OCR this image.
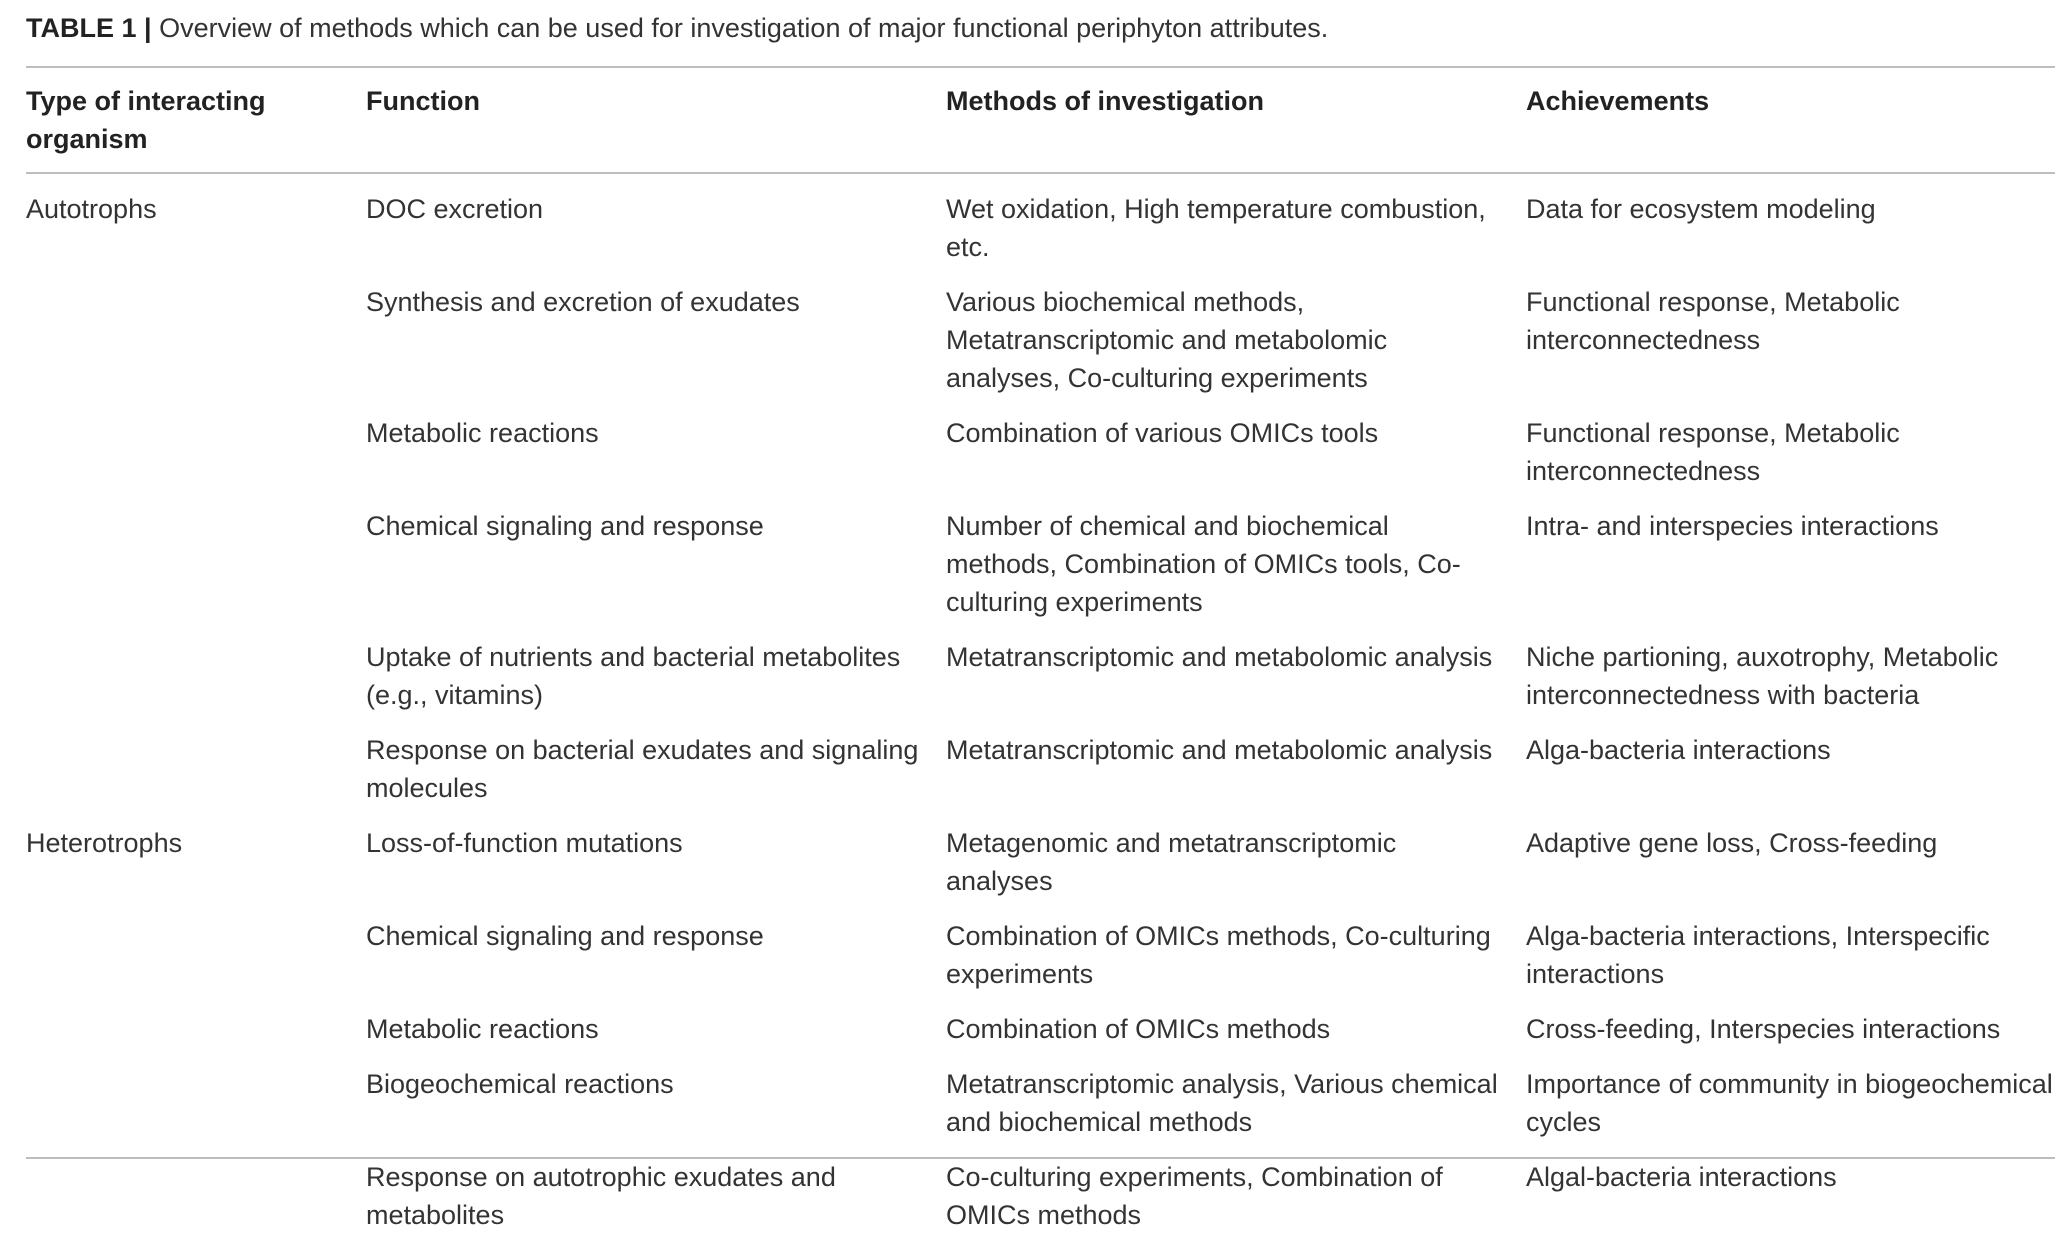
TABLE 1 | Overview of methods which can be used for investigation of major functional periphyton attributes.
Type of interacting organism	Function	Methods of investigation	Achievements
Autotrophs	DOC excretion	Wet oxidation, High temperature combustion, etc.	Data for ecosystem modeling
	Synthesis and excretion of exudates	Various biochemical methods, Metatranscriptomic and metabolomic analyses, Co-culturing experiments	Functional response, Metabolic interconnectedness
	Metabolic reactions	Combination of various OMICs tools	Functional response, Metabolic interconnectedness
	Chemical signaling and response	Number of chemical and biochemical methods, Combination of OMICs tools, Co-culturing experiments	Intra- and interspecies interactions
	Uptake of nutrients and bacterial metabolites (e.g., vitamins)	Metatranscriptomic and metabolomic analysis	Niche partioning, auxotrophy, Metabolic interconnectedness with bacteria
	Response on bacterial exudates and signaling molecules	Metatranscriptomic and metabolomic analysis	Alga-bacteria interactions
Heterotrophs	Loss-of-function mutations	Metagenomic and metatranscriptomic analyses	Adaptive gene loss, Cross-feeding
	Chemical signaling and response	Combination of OMICs methods, Co-culturing experiments	Alga-bacteria interactions, Interspecific interactions
	Metabolic reactions	Combination of OMICs methods	Cross-feeding, Interspecies interactions
	Biogeochemical reactions	Metatranscriptomic analysis, Various chemical and biochemical methods	Importance of community in biogeochemical cycles
	Response on autotrophic exudates and metabolites	Co-culturing experiments, Combination of OMICs methods	Algal-bacteria interactions
